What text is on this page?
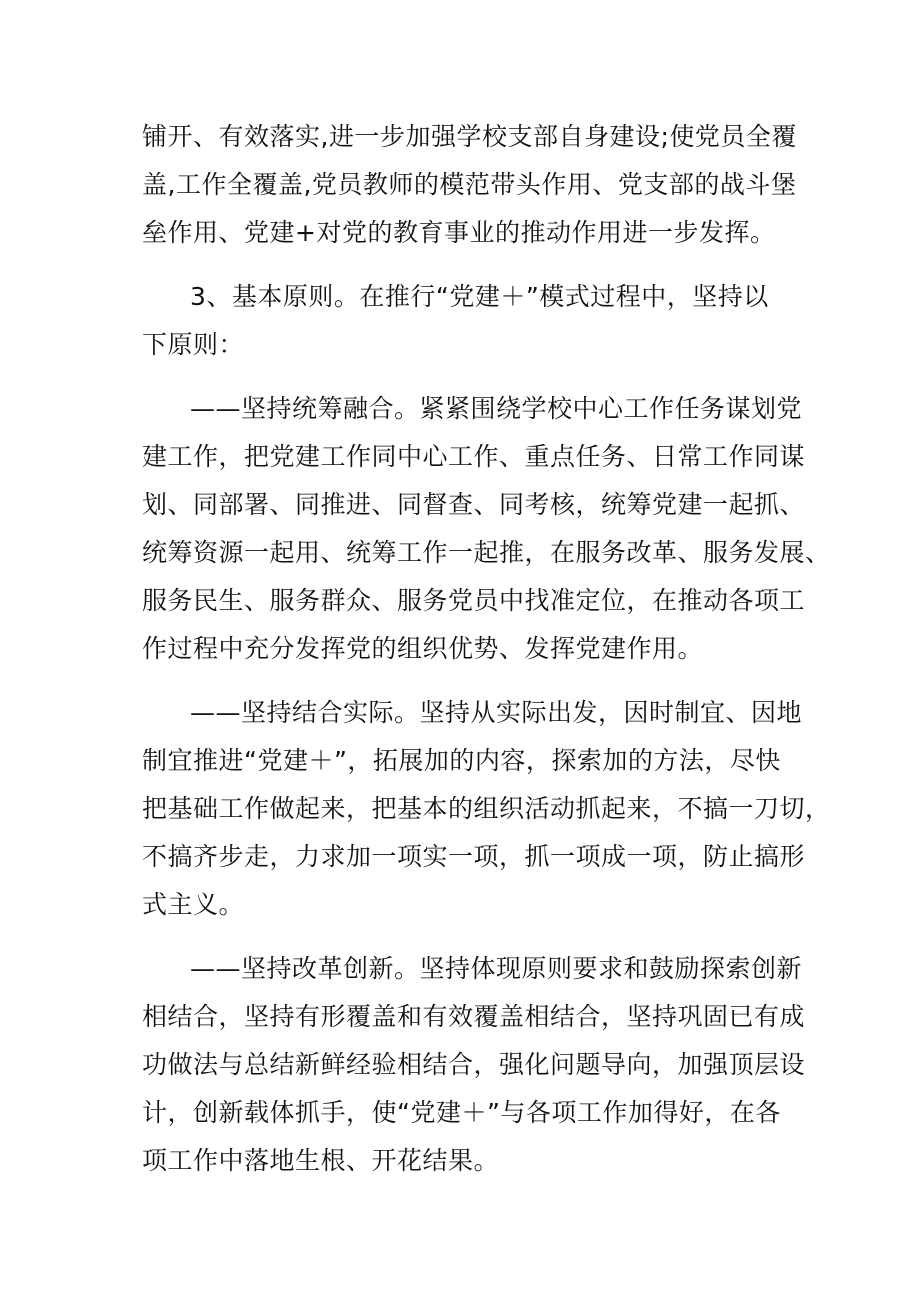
铺开、有效落实,进一步加强学校支部自身建设;使党员全覆
盖,工作全覆盖,党员教师的模范带头作用、党支部的战斗堡
垒作用、党建+对党的教育事业的推动作用进一步发挥。
3、基本原则。在推行“党建＋”模式过程中，坚持以
下原则：
——坚持统筹融合。紧紧围绕学校中心工作任务谋划党
建工作，把党建工作同中心工作、重点任务、日常工作同谋
划、同部署、同推进、同督查、同考核，统筹党建一起抓、
统筹资源一起用、统筹工作一起推，在服务改革、服务发展、
服务民生、服务群众、服务党员中找准定位，在推动各项工
作过程中充分发挥党的组织优势、发挥党建作用。
——坚持结合实际。坚持从实际出发，因时制宜、因地
制宜推进“党建＋”，拓展加的内容，探索加的方法，尽快
把基础工作做起来，把基本的组织活动抓起来，不搞一刀切，
不搞齐步走，力求加一项实一项，抓一项成一项，防止搞形
式主义。
——坚持改革创新。坚持体现原则要求和鼓励探索创新
相结合，坚持有形覆盖和有效覆盖相结合，坚持巩固已有成
功做法与总结新鲜经验相结合，强化问题导向，加强顶层设
计，创新载体抓手，使“党建＋”与各项工作加得好，在各
项工作中落地生根、开花结果。
